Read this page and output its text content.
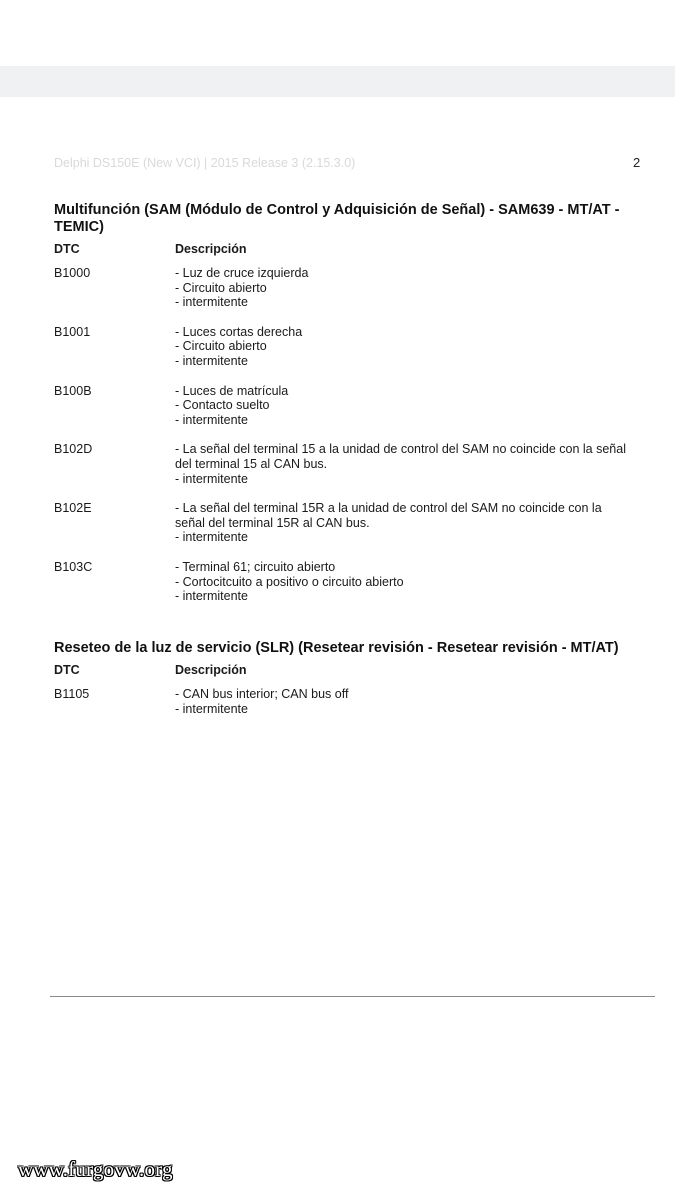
Delphi DS150E (New VCI) | 2015 Release 3 (2.15.3.0)	2
Multifunción (SAM (Módulo de Control y Adquisición de Señal) - SAM639 - MT/AT - TEMIC)
DTC	Descripción
B1000	- Luz de cruce izquierda
- Circuito abierto
- intermitente
B1001	- Luces cortas derecha
- Circuito abierto
- intermitente
B100B	- Luces de matrícula
- Contacto suelto
- intermitente
B102D	- La señal del terminal 15 a la unidad de control del SAM no coincide con la señal del terminal 15 al CAN bus.
- intermitente
B102E	- La señal del terminal 15R a la unidad de control del SAM no coincide con la señal del terminal 15R al CAN bus.
- intermitente
B103C	- Terminal 61; circuito abierto
- Cortocitcuito a positivo o circuito abierto
- intermitente
Reseteo de la luz de servicio (SLR) (Resetear revisión - Resetear revisión - MT/AT)
DTC	Descripción
B1105	- CAN bus interior; CAN bus off
- intermitente
www.furgovw.org
